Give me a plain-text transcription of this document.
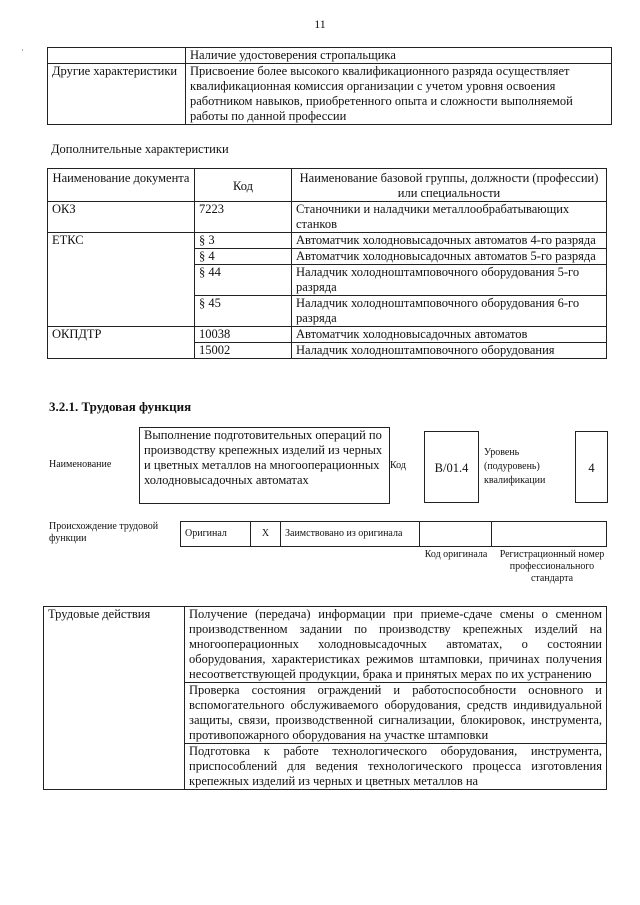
11
·
		Наличие удостоверения стропальщика
Другие характеристики	Присвоение более высокого квалификационного разряда осуществляет квалификационная комиссия организации с учетом уровня освоения работником навыков, приобретенного опыта и сложности выполняемой работы по данной профессии
Дополнительные характеристики
Наименование документа	Код	Наименование базовой группы, должности (профессии) или специальности
ОКЗ	7223	Станочники и наладчики металлообрабатывающих станков
ЕТКС	§ 3	Автоматчик холодновысадочных автоматов 4-го разряда
	§ 4	Автоматчик холодновысадочных автоматов 5-го разряда
	§ 44	Наладчик холодноштамповочного оборудования 5-го разряда
	§ 45	Наладчик холодноштамповочного оборудования 6-го разряда
ОКПДТР	10038	Автоматчик холодновысадочных автоматов
	15002	Наладчик холодноштамповочного оборудования
3.2.1. Трудовая функция
Наименование
Выполнение подготовительных операций по производству крепежных изделий из черных и цветных металлов на многооперационных холодновысадочных автоматах
Код	B/01.4
Уровень (подуровень) квалификации
4
Происхождение трудовой функции	Оригинал	X	Заимствовано из оригинала		
Код оригинала	Регистрационный номер профессионального стандарта
Трудовые действия	Получение (передача) информации при приеме-сдаче смены о сменном производственном задании по производству крепежных изделий на многооперационных холодновысадочных автоматах, о состоянии оборудования, характеристиках режимов штамповки, причинах получения несоответствующей продукции, брака и принятых мерах по их устранению
Проверка состояния ограждений и работоспособности основного и вспомогательного обслуживаемого оборудования, средств индивидуальной защиты, связи, производственной сигнализации, блокировок, инструмента, противопожарного оборудования на участке штамповки
Подготовка к работе технологического оборудования, инструмента, приспособлений для ведения технологического процесса изготовления крепежных изделий из черных и цветных металлов на
